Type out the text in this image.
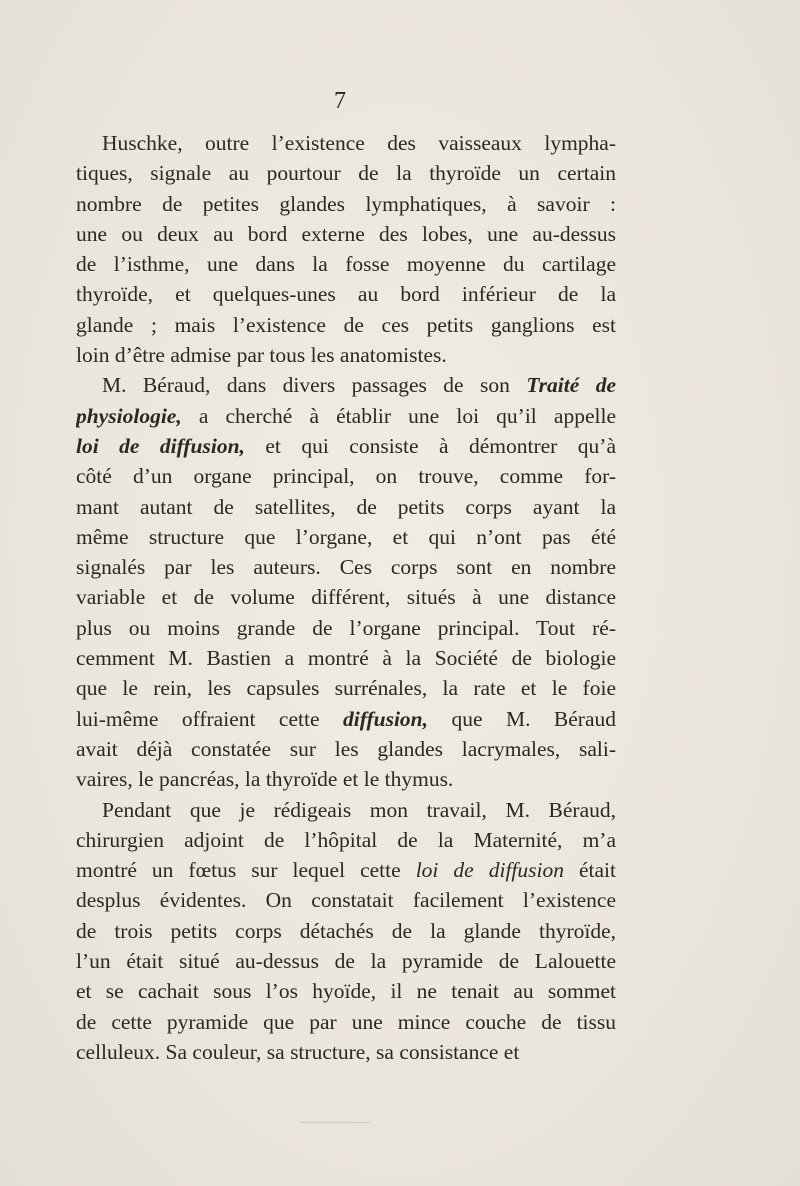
7
Huschke, outre l’existence des vaisseaux lympha-
tiques, signale au pourtour de la thyroïde un certain
nombre de petites glandes lymphatiques, à savoir :
une ou deux au bord externe des lobes, une au-dessus
de l’isthme, une dans la fosse moyenne du cartilage
thyroïde, et quelques-unes au bord inférieur de la
glande ; mais l’existence de ces petits ganglions est
loin d’être admise par tous les anatomistes.
M. Béraud, dans divers passages de son Traité de
physiologie, a cherché à établir une loi qu’il appelle
loi de diffusion, et qui consiste à démontrer qu’à
côté d’un organe principal, on trouve, comme for-
mant autant de satellites, de petits corps ayant la
même structure que l’organe, et qui n’ont pas été
signalés par les auteurs. Ces corps sont en nombre
variable et de volume différent, situés à une distance
plus ou moins grande de l’organe principal. Tout ré-
cemment M. Bastien a montré à la Société de biologie
que le rein, les capsules surrénales, la rate et le foie
lui-même offraient cette diffusion, que M. Béraud
avait déjà constatée sur les glandes lacrymales, sali-
vaires, le pancréas, la thyroïde et le thymus.
Pendant que je rédigeais mon travail, M. Béraud,
chirurgien adjoint de l’hôpital de la Maternité, m’a
montré un fœtus sur lequel cette loi de diffusion était
desplus évidentes. On constatait facilement l’existence
de trois petits corps détachés de la glande thyroïde,
l’un était situé au-dessus de la pyramide de Lalouette
et se cachait sous l’os hyoïde, il ne tenait au sommet
de cette pyramide que par une mince couche de tissu
celluleux. Sa couleur, sa structure, sa consistance et
